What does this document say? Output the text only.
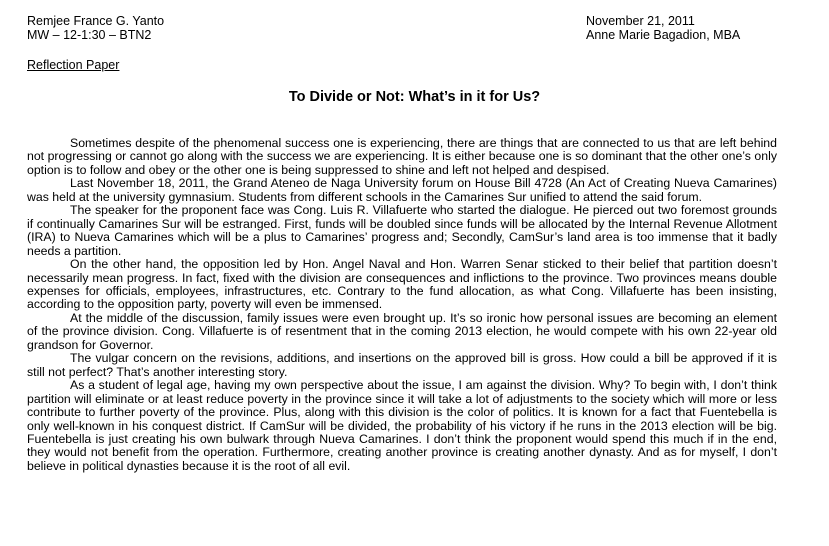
Remjee France G. Yanto
MW – 12-1:30 – BTN2
November 21, 2011
Anne Marie Bagadion, MBA
Reflection Paper
To Divide or Not: What’s in it for Us?

Sometimes despite of the phenomenal success one is experiencing, there are things that are connected to us that are left behind not progressing or cannot go along with the success we are experiencing. It is either because one is so dominant that the other one’s only option is to follow and obey or the other one is being suppressed to shine and left not helped and despised.

Last November 18, 2011, the Grand Ateneo de Naga University forum on House Bill 4728 (An Act of Creating Nueva Camarines) was held at the university gymnasium. Students from different schools in the Camarines Sur unified to attend the said forum.

The speaker for the proponent face was Cong. Luis R. Villafuerte who started the dialogue. He pierced out two foremost grounds if continually Camarines Sur will be estranged. First, funds will be doubled since funds will be allocated by the Internal Revenue Allotment (IRA) to Nueva Camarines which will be a plus to Camarines’ progress and; Secondly, CamSur’s land area is too immense that it badly needs a partition.

On the other hand, the opposition led by Hon. Angel Naval and Hon. Warren Senar sticked to their belief that partition doesn’t necessarily mean progress. In fact, fixed with the division are consequences and inflictions to the province. Two provinces means double expenses for officials, employees, infrastructures, etc. Contrary to the fund allocation, as what Cong. Villafuerte has been insisting, according to the opposition party, poverty will even be immensed.

At the middle of the discussion, family issues were even brought up. It’s so ironic how personal issues are becoming an element of the province division. Cong. Villafuerte is of resentment that in the coming 2013 election, he would compete with his own 22-year old grandson for Governor.

The vulgar concern on the revisions, additions, and insertions on the approved bill is gross. How could a bill be approved if it is still not perfect? That’s another interesting story.

As a student of legal age, having my own perspective about the issue, I am against the division. Why? To begin with, I don’t think partition will eliminate or at least reduce poverty in the province since it will take a lot of adjustments to the society which will more or less contribute to further poverty of the province. Plus, along with this division is the color of politics. It is known for a fact that Fuentebella is only well-known in his conquest district. If CamSur will be divided, the probability of his victory if he runs in the 2013 election will be big. Fuentebella is just creating his own bulwark through Nueva Camarines. I don’t think the proponent would spend this much if in the end, they would not benefit from the operation. Furthermore, creating another province is creating another dynasty. And as for myself, I don’t believe in political dynasties because it is the root of all evil.
